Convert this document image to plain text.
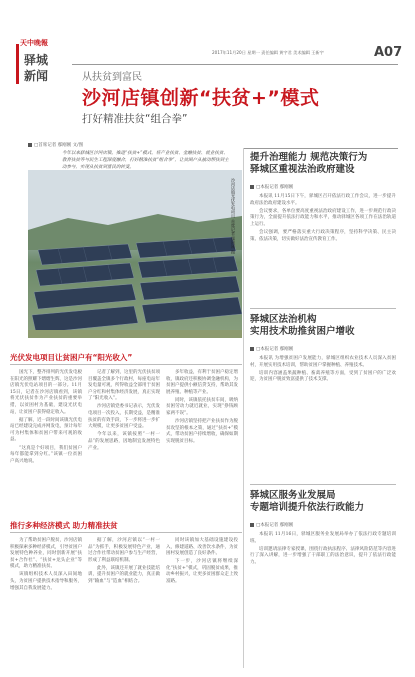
天中晚報
驿城
新闻
2017年11月20日 星期一 责任编辑 黄宇君 美术编辑 王新宇	A07
从扶贫到富民
沙河店镇创新“扶贫+”模式
打好精准扶贫“组合拳”
□首席记者 鄢刚刚 文/图
今年以来驿城区沙河店镇，推进“扶贫+”模式，将产业扶贫、金融扶贫、就业扶贫、教育扶贫等与民生工程深度融合，打好精准扶贫“组合拳”，让贫困户从被动帮扶到主动参与，实现从扶贫到富民的转变。
沙河店镇光伏发电项目 首席记者 鄢刚刚 摄
光伏发电项目让贫困户有“阳光收入”

国光下，整齐排列的光伏发电板在阳光的照耀下熠熠生辉，这是沙河店镇光伏电站项目的一部分。11月15日，记者在沙河店镇看到，该镇将光伏扶贫作为产业扶贫的重要举措，以贫困村为基础，建设光伏电站，让贫困户获得稳定收入。

据了解，近一段时间该镇光伏电站已经建设完成并网发电，预计每年可为村集体和贫困户带来可观的收益。

“这真是个好项目，我们贫困户每年都能拿到分红。”该镇一位贫困户高兴地说。

记者了解到，这里的光伏扶贫项目覆盖全镇多个行政村，每座电站年发电量可观，所得收益全部用于贫困户分红和村集体经济发展，真正实现了“阳光收入”。

沙河店镇党委书记表示，光伏发电项目一次投入，长期受益，是精准扶贫的有效手段，下一步将进一步扩大规模，让更多贫困户受益。

今年以来，该镇按照“一村一品”的发展思路，因地制宜发展特色产业。

多年收益，有利于贫困户稳定增收，镇政府还积极协调金融机构，为贫困户提供小额信贷支持，帮助其发展养殖、种植等产业。

同时，该镇依托扶贫车间，吸纳贫困劳动力就近就业，实现“挣钱顾家两不误”。

沙河店镇坚持把产业扶贫作为脱贫攻坚的根本之策，通过“扶贫+”模式，带动贫困户持续增收，确保如期实现脱贫目标。

推行多种经济模式 助力精准扶贫

为了帮助贫困户脱贫，沙河店镇积极探索多种经济模式，引导贫困户发展特色种养业，同时创新开展“扶贫+合作社”、“扶贫+龙头企业”等模式，助力精准扶贫。

该镇组织技术人员深入田间地头，为贫困户提供技术指导和服务，增强其自我发展能力。

据了解，沙河店镇以“一村一品”为抓手，积极发展特色产业，通过合作社带动贫困户参与生产经营，形成了利益联结机制。

此外，该镇还开展了就业技能培训，提升贫困户的就业能力，真正做到“输血”与“造血”相结合。

同时该镇加大基础设施建设投入，修建道路、改善饮水条件，为贫困村发展创造了良好条件。

下一步，沙河店镇将继续深化“扶贫+”模式，巩固脱贫成果，推动乡村振兴，让更多贫困群众走上致富路。

提升治理能力 规范决策行为
驿城区重视法治政府建设
□本报记者 鄢刚刚

本报讯 11月15日下午，驿城区召开依法行政工作会议，进一步提升政府法治政府建设水平。

会议要求，各单位要高度重视法治政府建设工作，进一步规范行政决策行为，全面提升依法行政能力和水平，推动驿城区各项工作在法治轨道上运行。

会议强调，要严格落实重大行政决策程序，坚持科学决策、民主决策、依法决策，切实做好法治宣传教育工作。

驿城区法治机构
实用技术助推贫困户增收
□本报记者 鄢刚刚

本报讯 为增强贫困户发展能力，驿城区组织农业技术人员深入贫困村，开展实用技术培训，帮助贫困户掌握种植、养殖技术。

培训内容涵盖果蔬种植、畜禽养殖等方面，受到了贫困户的广泛欢迎，为贫困户脱贫致富提供了技术支撑。

驿城区服务业发展局
专题培训提升依法行政能力
□本报记者 鄢刚刚

本报讯 11月16日，驿城区服务业发展局举办了依法行政专题培训班。

培训邀请法律专家授课，围绕行政执法程序、法律风险防范等内容进行了深入讲解，进一步增强了干部职工的法治意识，提升了依法行政能力。
